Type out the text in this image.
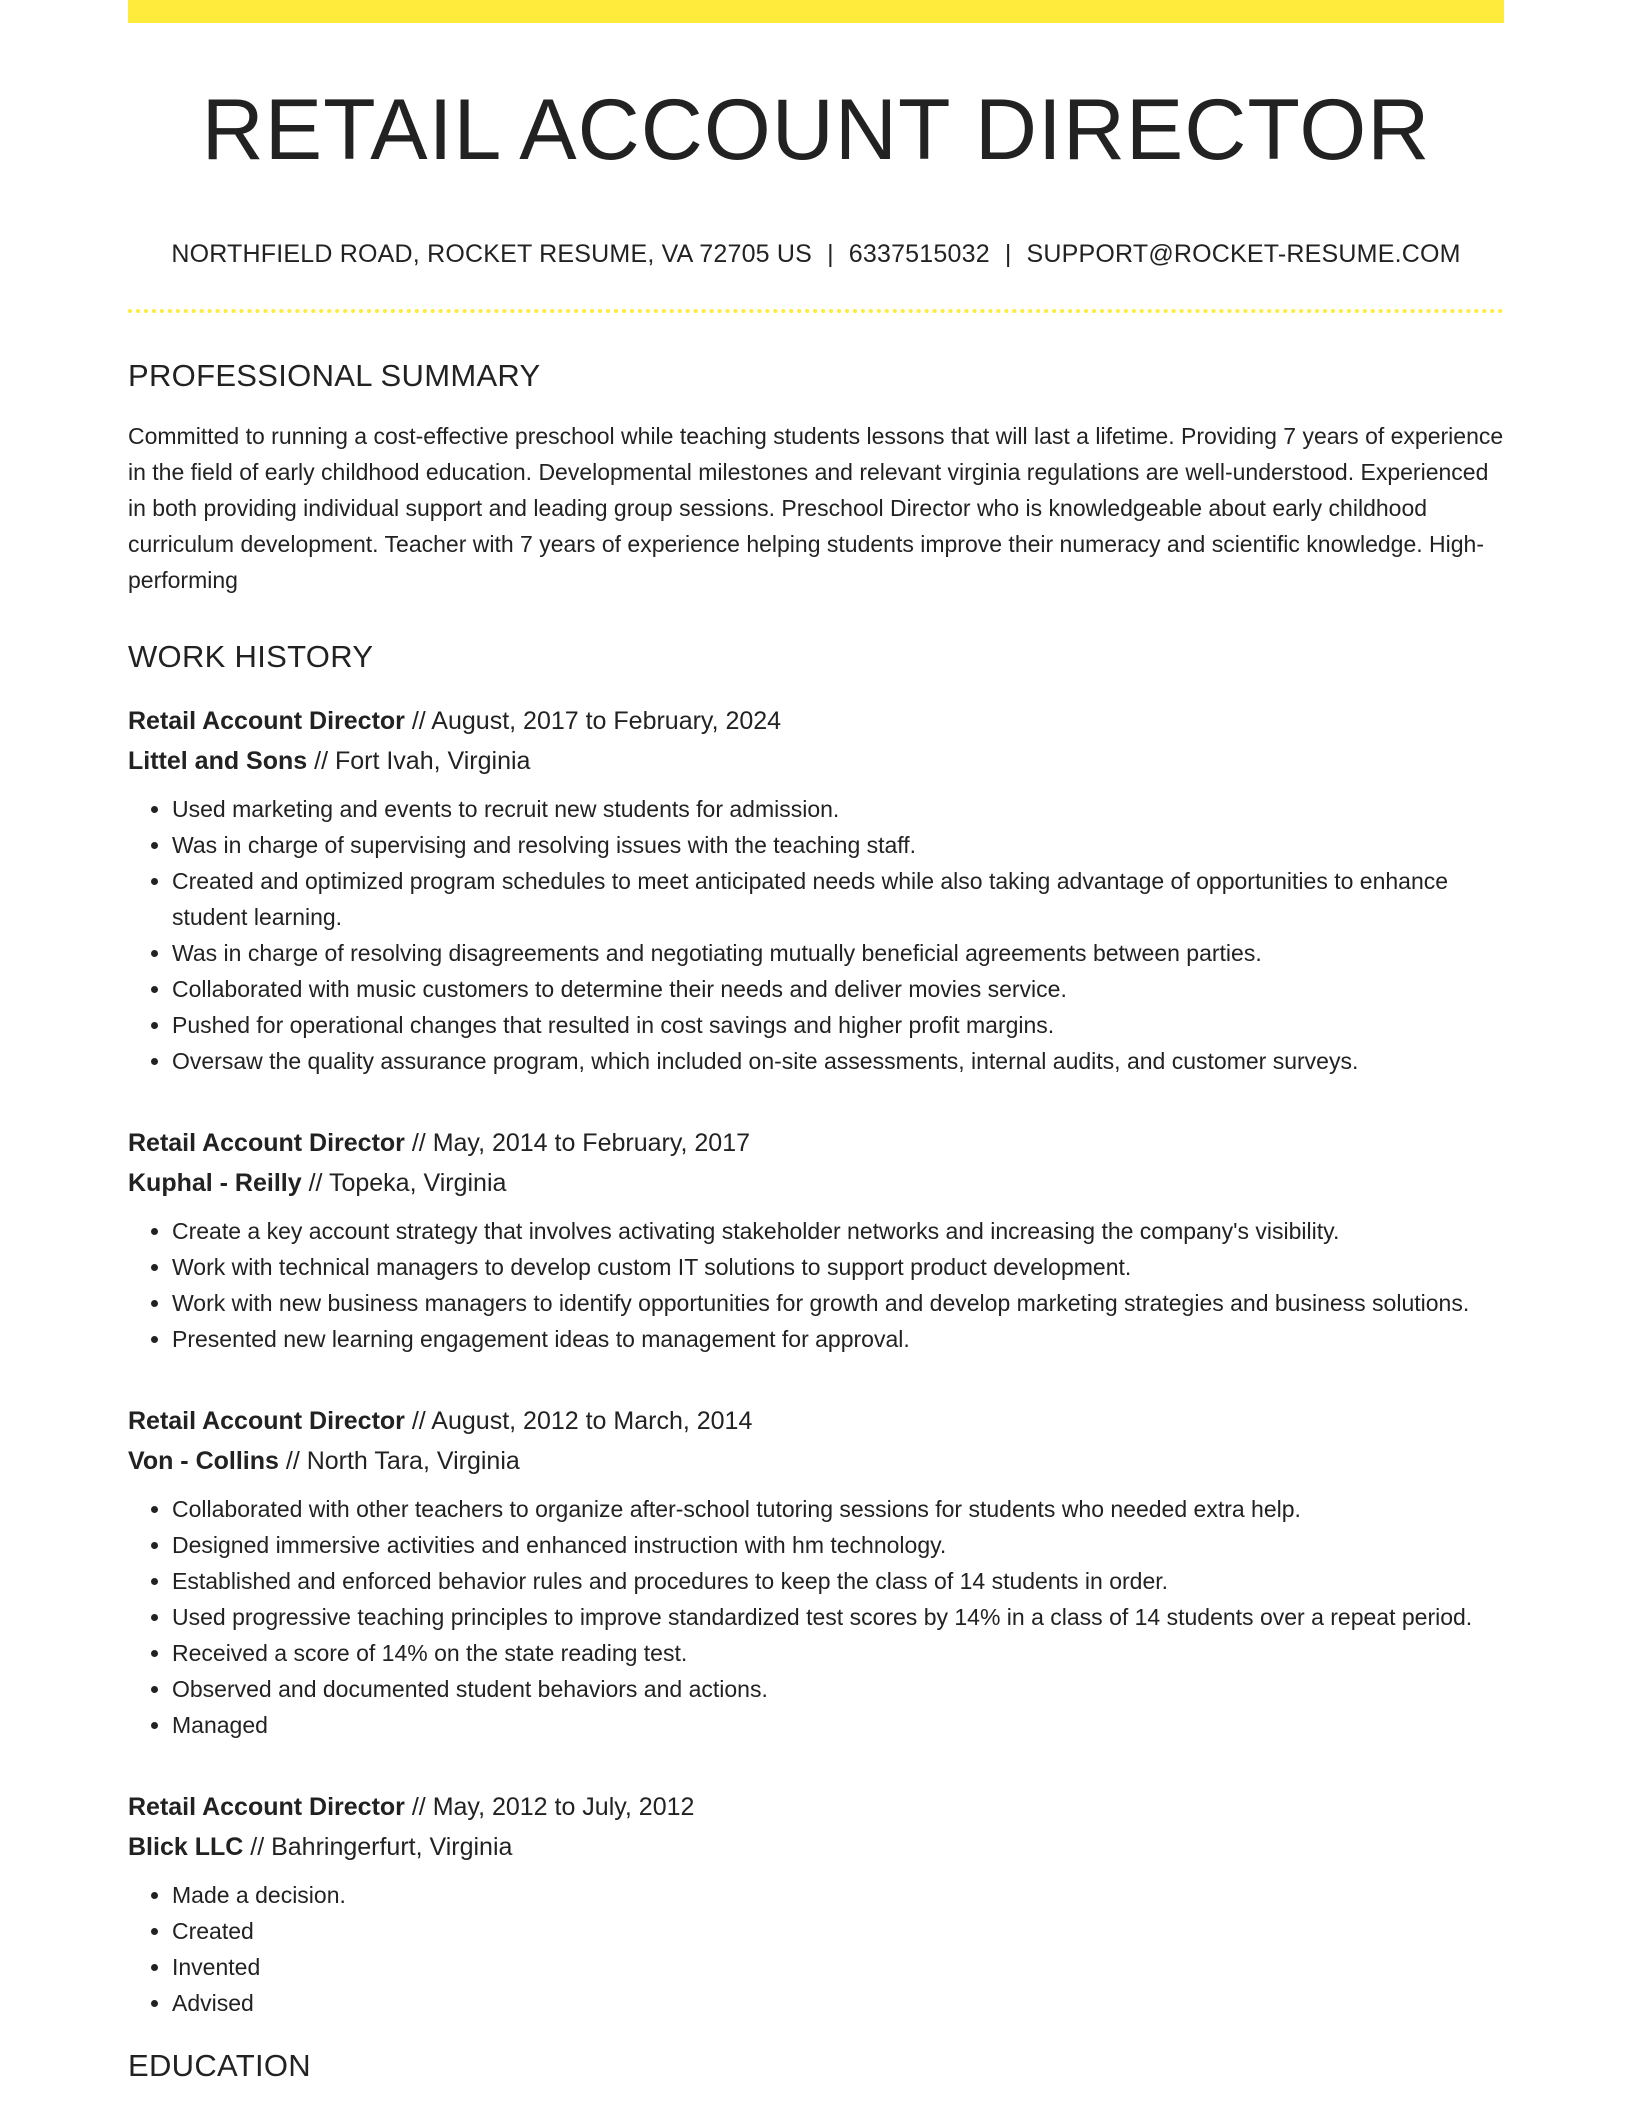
RETAIL ACCOUNT DIRECTOR
NORTHFIELD ROAD, ROCKET RESUME, VA 72705 US | 6337515032 | SUPPORT@ROCKET-RESUME.COM
PROFESSIONAL SUMMARY
Committed to running a cost-effective preschool while teaching students lessons that will last a lifetime. Providing 7 years of experience in the field of early childhood education. Developmental milestones and relevant virginia regulations are well-understood. Experienced in both providing individual support and leading group sessions. Preschool Director who is knowledgeable about early childhood curriculum development. Teacher with 7 years of experience helping students improve their numeracy and scientific knowledge. High-performing
WORK HISTORY
Retail Account Director // August, 2017 to February, 2024
Littel and Sons // Fort Ivah, Virginia
• Used marketing and events to recruit new students for admission.
• Was in charge of supervising and resolving issues with the teaching staff.
• Created and optimized program schedules to meet anticipated needs while also taking advantage of opportunities to enhance student learning.
• Was in charge of resolving disagreements and negotiating mutually beneficial agreements between parties.
• Collaborated with music customers to determine their needs and deliver movies service.
• Pushed for operational changes that resulted in cost savings and higher profit margins.
• Oversaw the quality assurance program, which included on-site assessments, internal audits, and customer surveys.
Retail Account Director // May, 2014 to February, 2017
Kuphal - Reilly // Topeka, Virginia
• Create a key account strategy that involves activating stakeholder networks and increasing the company's visibility.
• Work with technical managers to develop custom IT solutions to support product development.
• Work with new business managers to identify opportunities for growth and develop marketing strategies and business solutions.
• Presented new learning engagement ideas to management for approval.
Retail Account Director // August, 2012 to March, 2014
Von - Collins // North Tara, Virginia
• Collaborated with other teachers to organize after-school tutoring sessions for students who needed extra help.
• Designed immersive activities and enhanced instruction with hm technology.
• Established and enforced behavior rules and procedures to keep the class of 14 students in order.
• Used progressive teaching principles to improve standardized test scores by 14% in a class of 14 students over a repeat period.
• Received a score of 14% on the state reading test.
• Observed and documented student behaviors and actions.
• Managed
Retail Account Director // May, 2012 to July, 2012
Blick LLC // Bahringerfurt, Virginia
• Made a decision.
• Created
• Invented
• Advised
EDUCATION
